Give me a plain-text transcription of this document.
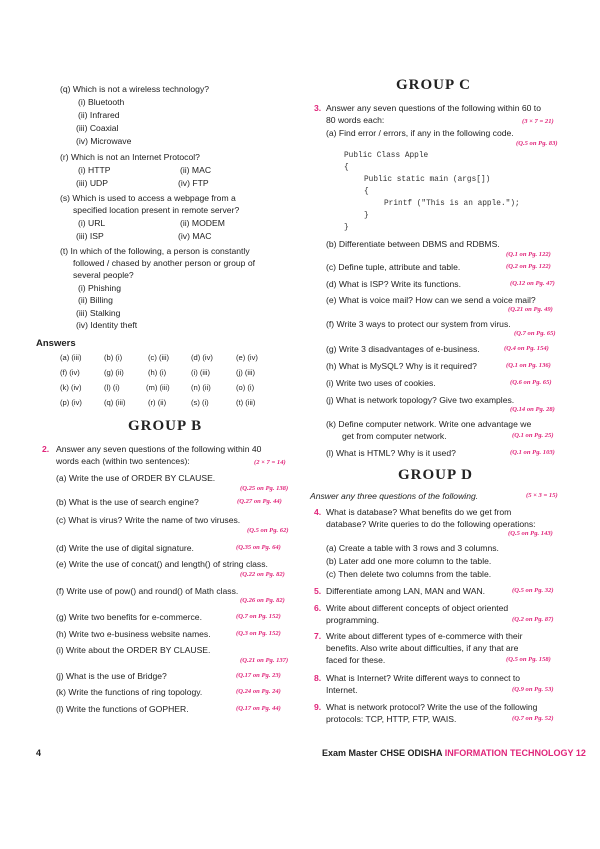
(q) Which is not a wireless technology?
(i) Bluetooth
(ii) Infrared
(iii) Coaxial
(iv) Microwave
(r) Which is not an Internet Protocol?
(i) HTTP	(ii) MAC
(iii) UDP	(iv) FTP
(s) Which is used to access a webpage from a
specified location present in remote server?
(i) URL	(ii) MODEM
(iii) ISP	(iv) MAC
(t) In which of the following, a person is constantly
followed / chased by another person or group of
several people?
(i) Phishing
(ii) Billing
(iii) Stalking
(iv) Identity theft
Answers
(a) (iii)	(b) (i)	(c) (iii)	(d) (iv)	(e) (iv)
(f) (iv)	(g) (ii)	(h) (i)	(i) (iii)	(j) (iii)
(k) (iv)	(l) (i)	(m) (iii)	(n) (ii)	(o) (i)
(p) (iv)	(q) (iii)	(r) (ii)	(s) (i)	(t) (iii)
GROUP B
2. Answer any seven questions of the following within 40
words each (within two sentences):	(2 × 7 = 14)
(a) Write the use of ORDER BY CLAUSE.
(Q.25 on Pg. 138)
(b) What is the use of search engine?	(Q.27 on Pg. 44)
(c) What is virus? Write the name of two viruses.
(Q.5 on Pg. 62)
(d) Write the use of digital signature.	(Q.35 on Pg. 64)
(e) Write the use of concat() and length() of string class.
(Q.22 on Pg. 82)
(f) Write use of pow() and round() of Math class.
(Q.26 on Pg. 82)
(g) Write two benefits for e-commerce.	(Q.7 on Pg. 152)
(h) Write two e-business website names.	(Q.3 on Pg. 152)
(i) Write about the ORDER BY CLAUSE.
(Q.21 on Pg. 137)
(j) What is the use of Bridge?	(Q.17 on Pg. 23)
(k) Write the functions of ring topology.	(Q.24 on Pg. 24)
(l) Write the functions of GOPHER.	(Q.17 on Pg. 44)
GROUP C
3. Answer any seven questions of the following within 60 to
80 words each:	(3 × 7 = 21)
(a) Find error / errors, if any in the following code.
(Q.5 on Pg. 83)
Public Class Apple
{
Public static main (args[])
{
Printf ("This is an apple.");
}
}
(b) Differentiate between DBMS and RDBMS.
(Q.1 on Pg. 122)
(c) Define tuple, attribute and table.	(Q.2 on Pg. 122)
(d) What is ISP? Write its functions.	(Q.12 on Pg. 47)
(e) What is voice mail? How can we send a voice mail?
(Q.21 on Pg. 49)
(f) Write 3 ways to protect our system from virus.
(Q.7 on Pg. 65)
(g) Write 3 disadvantages of e-business.	(Q.4 on Pg. 154)
(h) What is MySQL? Why is it required?	(Q.1 on Pg. 136)
(i) Write two uses of cookies.	(Q.6 on Pg. 65)
(j) What is network topology? Give two examples.
(Q.14 on Pg. 28)
(k) Define computer network. Write one advantage we
get from computer network.	(Q.1 on Pg. 25)
(l) What is HTML? Why is it used?	(Q.1 on Pg. 103)
GROUP D
Answer any three questions of the following.	(5 × 3 = 15)
4. What is database? What benefits do we get from
database? Write queries to do the following operations:
(Q.5 on Pg. 143)
(a) Create a table with 3 rows and 3 columns.
(b) Later add one more column to the table.
(c) Then delete two columns from the table.
5. Differentiate among LAN, MAN and WAN.	(Q.5 on Pg. 32)
6. Write about different concepts of object oriented
programming.	(Q.2 on Pg. 87)
7. Write about different types of e-commerce with their
benefits. Also write about difficulties, if any that are
faced for these.	(Q.5 on Pg. 158)
8. What is Internet? Write different ways to connect to
Internet.	(Q.9 on Pg. 53)
9. What is network protocol? Write the use of the following
protocols: TCP, HTTP, FTP, WAIS.	(Q.7 on Pg. 52)
4	Exam Master CHSE ODISHA INFORMATION TECHNOLOGY 12
